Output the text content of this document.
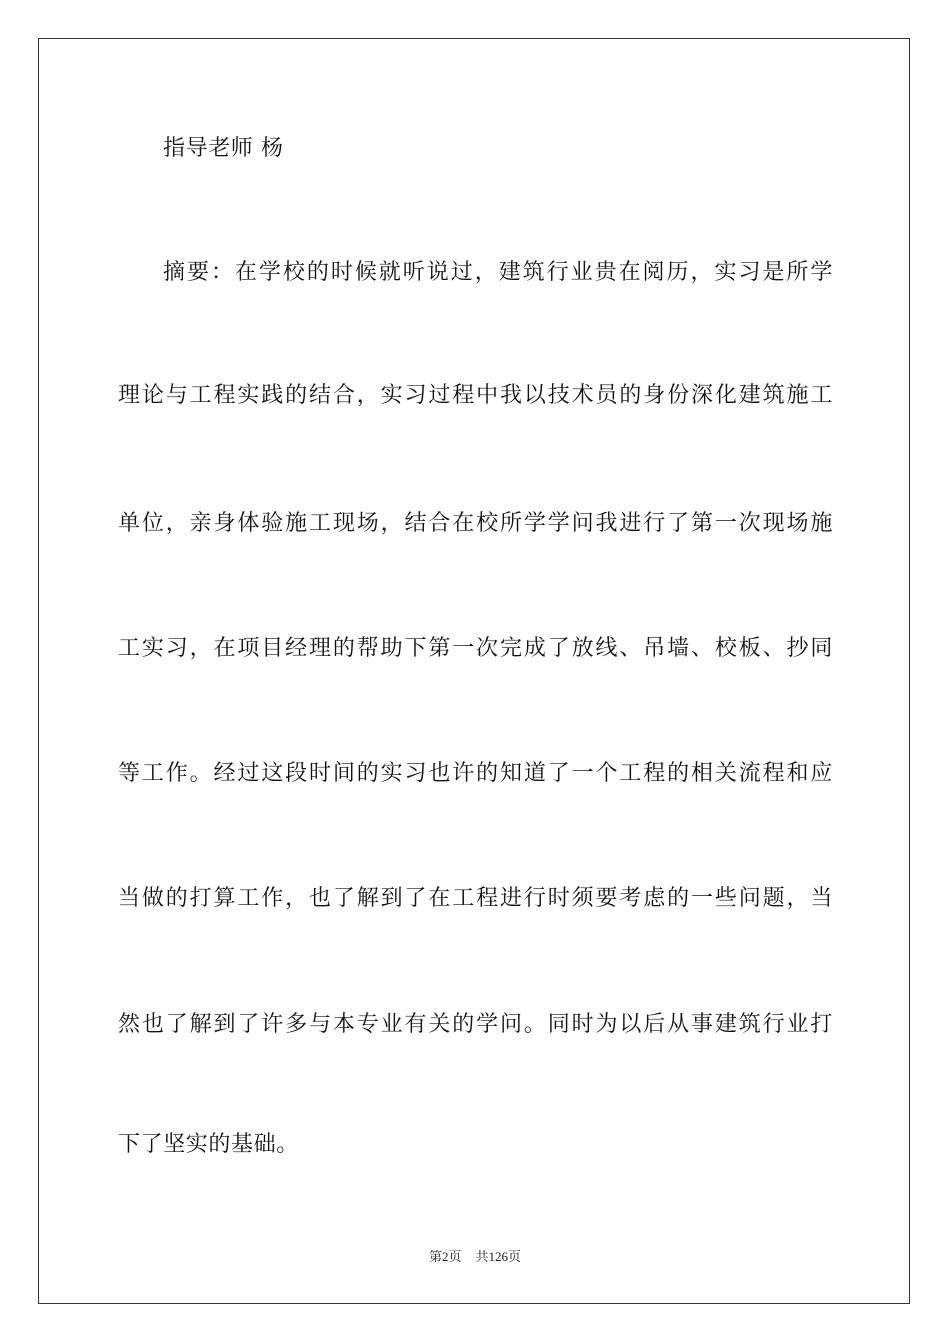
指导老师 杨
摘要：在学校的时候就听说过，建筑行业贵在阅历，实习是所学
理论与工程实践的结合，实习过程中我以技术员的身份深化建筑施工
单位，亲身体验施工现场，结合在校所学学问我进行了第一次现场施
工实习，在项目经理的帮助下第一次完成了放线、吊墙、校板、抄同
等工作。经过这段时间的实习也许的知道了一个工程的相关流程和应
当做的打算工作，也了解到了在工程进行时须要考虑的一些问题，当
然也了解到了许多与本专业有关的学问。同时为以后从事建筑行业打
下了坚实的基础。
第2页 共126页
